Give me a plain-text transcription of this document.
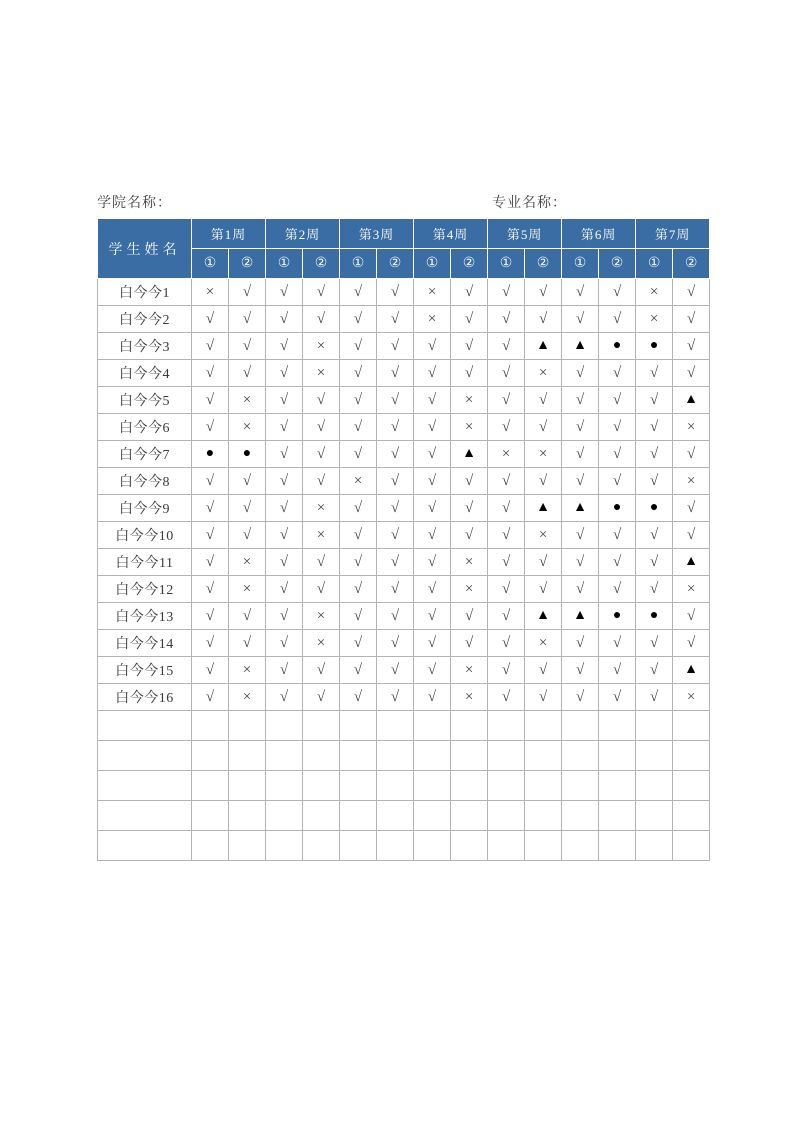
学院名称：	专业名称：
学生姓名	第1周		第2周		第3周		第4周		第5周		第6周		第7周	
	①	②	①	②	①	②	①	②	①	②	①	②	①	②
白今今1	×	√	√	√	√	√	×	√	√	√	√	√	×	√
白今今2	√	√	√	√	√	√	×	√	√	√	√	√	×	√
白今今3	√	√	√	×	√	√	√	√	√	▲	▲	●	●	√
白今今4	√	√	√	×	√	√	√	√	√	×	√	√	√	√
白今今5	√	×	√	√	√	√	√	×	√	√	√	√	√	▲
白今今6	√	×	√	√	√	√	√	×	√	√	√	√	√	×
白今今7	●	●	√	√	√	√	√	▲	×	×	√	√	√	√
白今今8	√	√	√	√	×	√	√	√	√	√	√	√	√	×
白今今9	√	√	√	×	√	√	√	√	√	▲	▲	●	●	√
白今今10	√	√	√	×	√	√	√	√	√	×	√	√	√	√
白今今11	√	×	√	√	√	√	√	×	√	√	√	√	√	▲
白今今12	√	×	√	√	√	√	√	×	√	√	√	√	√	×
白今今13	√	√	√	×	√	√	√	√	√	▲	▲	●	●	√
白今今14	√	√	√	×	√	√	√	√	√	×	√	√	√	√
白今今15	√	×	√	√	√	√	√	×	√	√	√	√	√	▲
白今今16	√	×	√	√	√	√	√	×	√	√	√	√	√	×
